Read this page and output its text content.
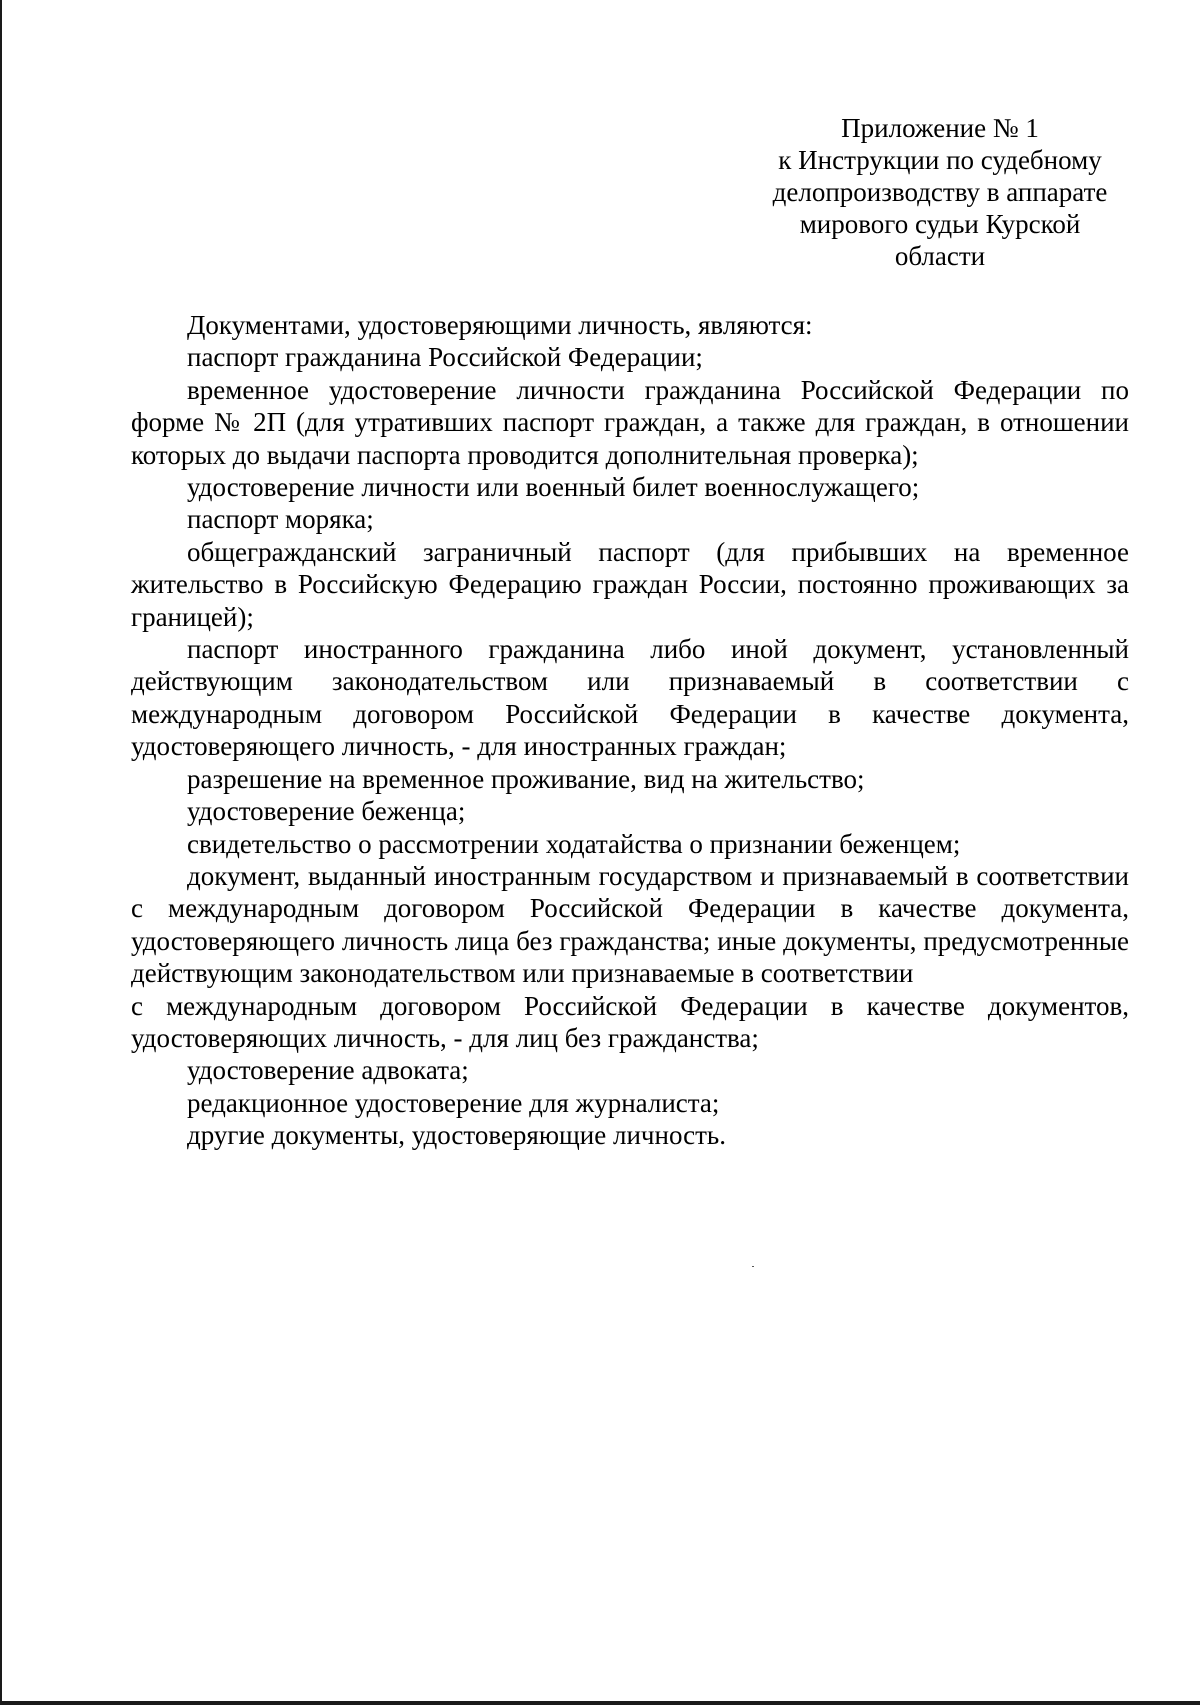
Приложение № 1
к Инструкции по судебному
делопроизводству в аппарате
мирового судьи Курской
области

Документами, удостоверяющими личность, являются:

паспорт гражданина Российской Федерации;

временное удостоверение личности гражданина Российской Федерации по форме № 2П (для утративших паспорт граждан, а также для граждан, в отношении которых до выдачи паспорта проводится дополнительная проверка);

удостоверение личности или военный билет военнослужащего;

паспорт моряка;

общегражданский заграничный паспорт (для прибывших на временное жительство в Российскую Федерацию граждан России, постоянно проживающих за границей);

паспорт иностранного гражданина либо иной документ, установленный действующим законодательством или признаваемый в соответствии с международным договором Российской Федерации в качестве документа, удостоверяющего личность, - для иностранных граждан;

разрешение на временное проживание, вид на жительство;

удостоверение беженца;

свидетельство о рассмотрении ходатайства о признании беженцем;

документ, выданный иностранным государством и признаваемый в соответствии с международным договором Российской Федерации в качестве документа, удостоверяющего личность лица без гражданства; иные документы, предусмотренные действующим законодательством или признаваемые в соответствии

с международным договором Российской Федерации в качестве документов, удостоверяющих личность, - для лиц без гражданства;

удостоверение адвоката;

редакционное удостоверение для журналиста;

другие документы, удостоверяющие личность.
